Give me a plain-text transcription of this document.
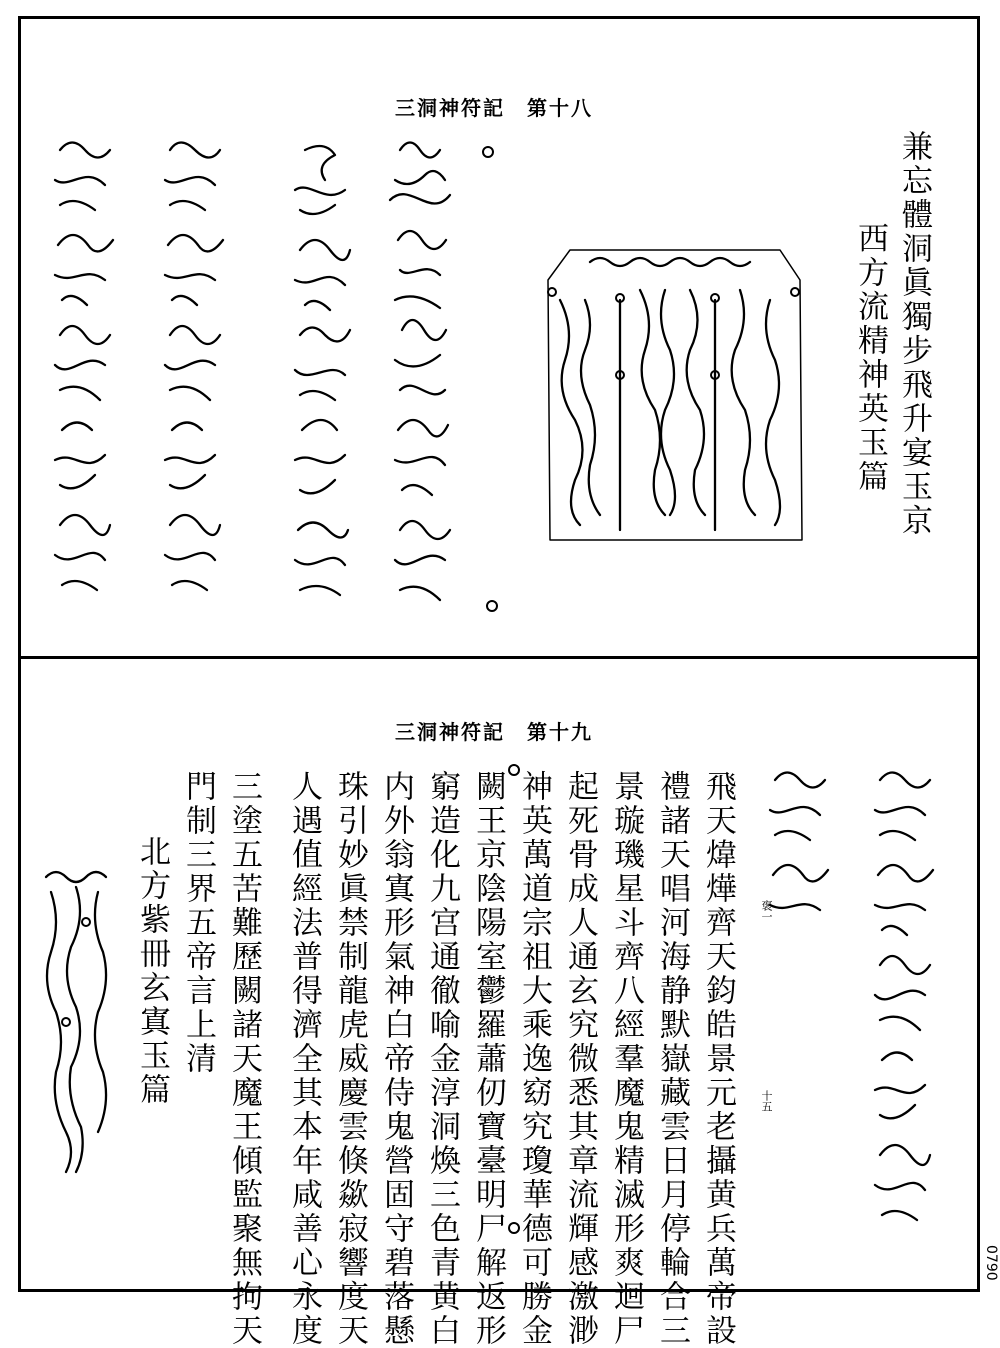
三洞神符記　第十八
兼忘體洞眞獨步飛升宴玉京
西方流精神英玉篇
三洞神符記　第十九
褒一
十五
飛天煒燁齊天鈞皓景元老攝黄兵萬帝設
禮諸天唱河海静默嶽藏雲日月停輪合三
景璇璣星斗齊八經羣魔鬼精滅形爽迴尸
起死骨成人通玄究微悉其章流輝感激渺
神英萬道宗祖大乘逸窈究瓊華德可勝金
闕王京陰陽室鬱羅蕭仞寶臺明尸解返形
窮造化九宫通徹喻金淳洞煥三色青黄白
内外翁寘形氣神白帝侍鬼營固守碧落懸
珠引妙眞禁制龍虎威慶雲倏歘寂響度天
人遇值經法普得濟全其本年咸善心永度
三塗五苦難歷闕諸天魔王傾監聚無拘天
門制三界五帝言上清
北方紫冊玄寘玉篇
0790
